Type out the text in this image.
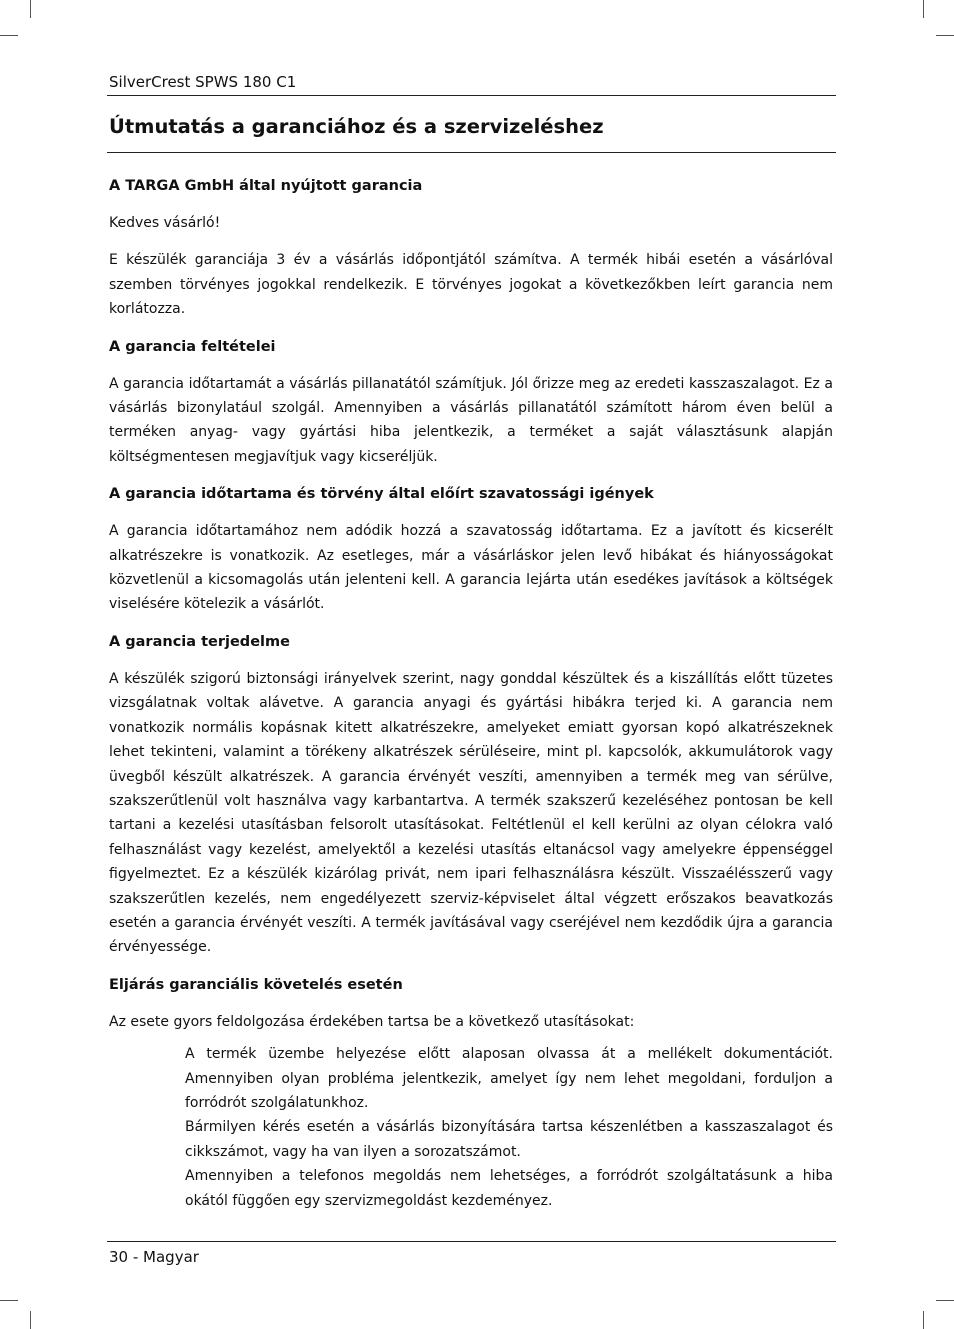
SilverCrest SPWS 180 C1
Útmutatás a garanciához és a szervizeléshez
A TARGA GmbH által nyújtott garancia

Kedves vásárló!

E készülék garanciája 3 év a vásárlás időpontjától számítva. A termék hibái esetén a vásárlóval szemben törvényes jogokkal rendelkezik. E törvényes jogokat a következőkben leírt garancia nem korlátozza.

A garancia feltételei

A garancia időtartamát a vásárlás pillanatától számítjuk. Jól őrizze meg az eredeti kasszaszalagot. Ez a vásárlás bizonylatául szolgál. Amennyiben a vásárlás pillanatától számított három éven belül a terméken anyag- vagy gyártási hiba jelentkezik, a terméket a saját választásunk alapján költségmentesen megjavítjuk vagy kicseréljük.

A garancia időtartama és törvény által előírt szavatossági igények

A garancia időtartamához nem adódik hozzá a szavatosság időtartama. Ez a javított és kicserélt alkatrészekre is vonatkozik. Az esetleges, már a vásárláskor jelen levő hibákat és hiányosságokat közvetlenül a kicsomagolás után jelenteni kell. A garancia lejárta után esedékes javítások a költségek viselésére kötelezik a vásárlót.

A garancia terjedelme

A készülék szigorú biztonsági irányelvek szerint, nagy gonddal készültek és a kiszállítás előtt tüzetes vizsgálatnak voltak alávetve. A garancia anyagi és gyártási hibákra terjed ki. A garancia nem vonatkozik normális kopásnak kitett alkatrészekre, amelyeket emiatt gyorsan kopó alkatrészeknek lehet tekinteni, valamint a törékeny alkatrészek sérüléseire, mint pl. kapcsolók, akkumulátorok vagy üvegből készült alkatrészek. A garancia érvényét veszíti, amennyiben a termék meg van sérülve, szakszerűtlenül volt használva vagy karbantartva. A termék szakszerű kezeléséhez pontosan be kell tartani a kezelési utasításban felsorolt utasításokat. Feltétlenül el kell kerülni az olyan célokra való felhasználást vagy kezelést, amelyektől a kezelési utasítás eltanácsol vagy amelyekre éppenséggel figyelmeztet. Ez a készülék kizárólag privát, nem ipari felhasználásra készült. Visszaélésszerű vagy szakszerűtlen kezelés, nem engedélyezett szerviz-képviselet által végzett erőszakos beavatkozás esetén a garancia érvényét veszíti. A termék javításával vagy cseréjével nem kezdődik újra a garancia érvényessége.

Eljárás garanciális követelés esetén

Az esete gyors feldolgozása érdekében tartsa be a következő utasításokat:

A termék üzembe helyezése előtt alaposan olvassa át a mellékelt dokumentációt. Amennyiben olyan probléma jelentkezik, amelyet így nem lehet megoldani, forduljon a forródrót szolgálatunkhoz.
Bármilyen kérés esetén a vásárlás bizonyítására tartsa készenlétben a kasszaszalagot és cikkszámot, vagy ha van ilyen a sorozatszámot.
Amennyiben a telefonos megoldás nem lehetséges, a forródrót szolgáltatásunk a hiba okától függően egy szervizmegoldást kezdeményez.
30 - Magyar
